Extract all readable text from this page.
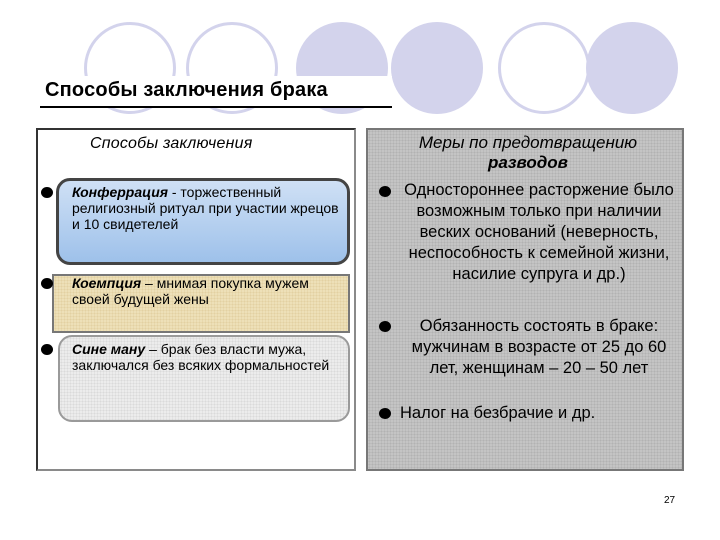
Способы заключения брака

Способы заключения

Конферрация - торжественный религиозный ритуал при участии жрецов и 10 свидетелей

Коемпция – мнимая покупка мужем своей будущей жены

Сине ману – брак без власти мужа, заключался без всяких формальностей

Меры по предотвращению
разводов

Одностороннее расторжение было возможным только при наличии веских оснований (неверность, неспособность к семейной жизни, насилие супруга и др.)

Обязанность состоять в браке: мужчинам в возрасте от 25 до 60 лет, женщинам – 20 – 50 лет

Налог на безбрачие и др.

27
